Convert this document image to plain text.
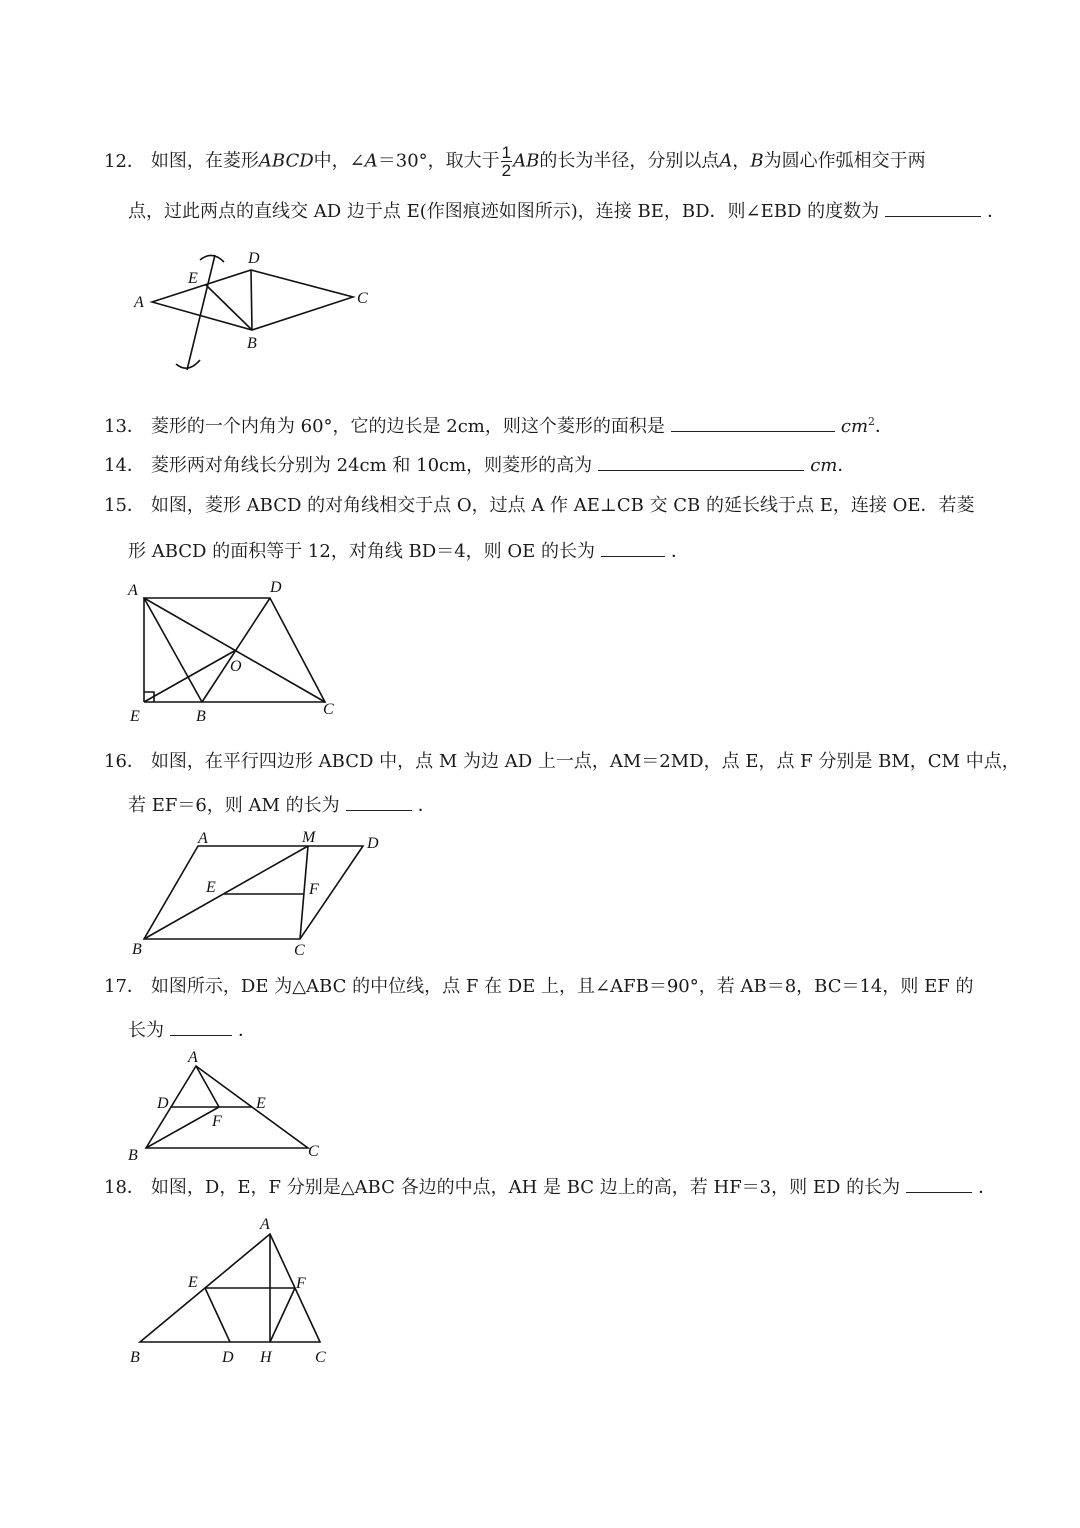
12． 如图，在菱形ABCD中，∠A＝30°，取大于 $\frac{1}{2}$ AB的长为半径，分别以点A，B为圆心作弧相交于两
点，过此两点的直线交 AD 边于点 E(作图痕迹如图所示)，连接 BE，BD．则∠EBD 的度数为	．
A
B
C
D
E
13． 菱形的一个内角为 60°，它的边长是 2cm，则这个菱形的面积是	$cm^2$．
14． 菱形两对角线长分别为 24cm 和 10cm，则菱形的高为	cm．
15． 如图，菱形 ABCD 的对角线相交于点 O，过点 A 作 AE⊥CB 交 CB 的延长线于点 E，连接 OE．若菱
形 ABCD 的面积等于 12，对角线 BD＝4，则 OE 的长为	．
A
B	C
D
E
O
16． 如图，在平行四边形 ABCD 中，点 M 为边 AD 上一点，AM＝2MD，点 E，点 F 分别是 BM，CM 中点，
若 EF＝6，则 AM 的长为	．
A
B	C
D
E	F
M
17． 如图所示，DE 为△ABC 的中位线，点 F 在 DE 上，且∠AFB＝90°，若 AB＝8，BC＝14，则 EF 的
长为	．
A
B	C
D	E
F
18． 如图，D，E，F 分别是△ABC 各边的中点，AH 是 BC 边上的高，若 HF＝3，则 ED 的长为	．
A
B	C
D
E	F
H
